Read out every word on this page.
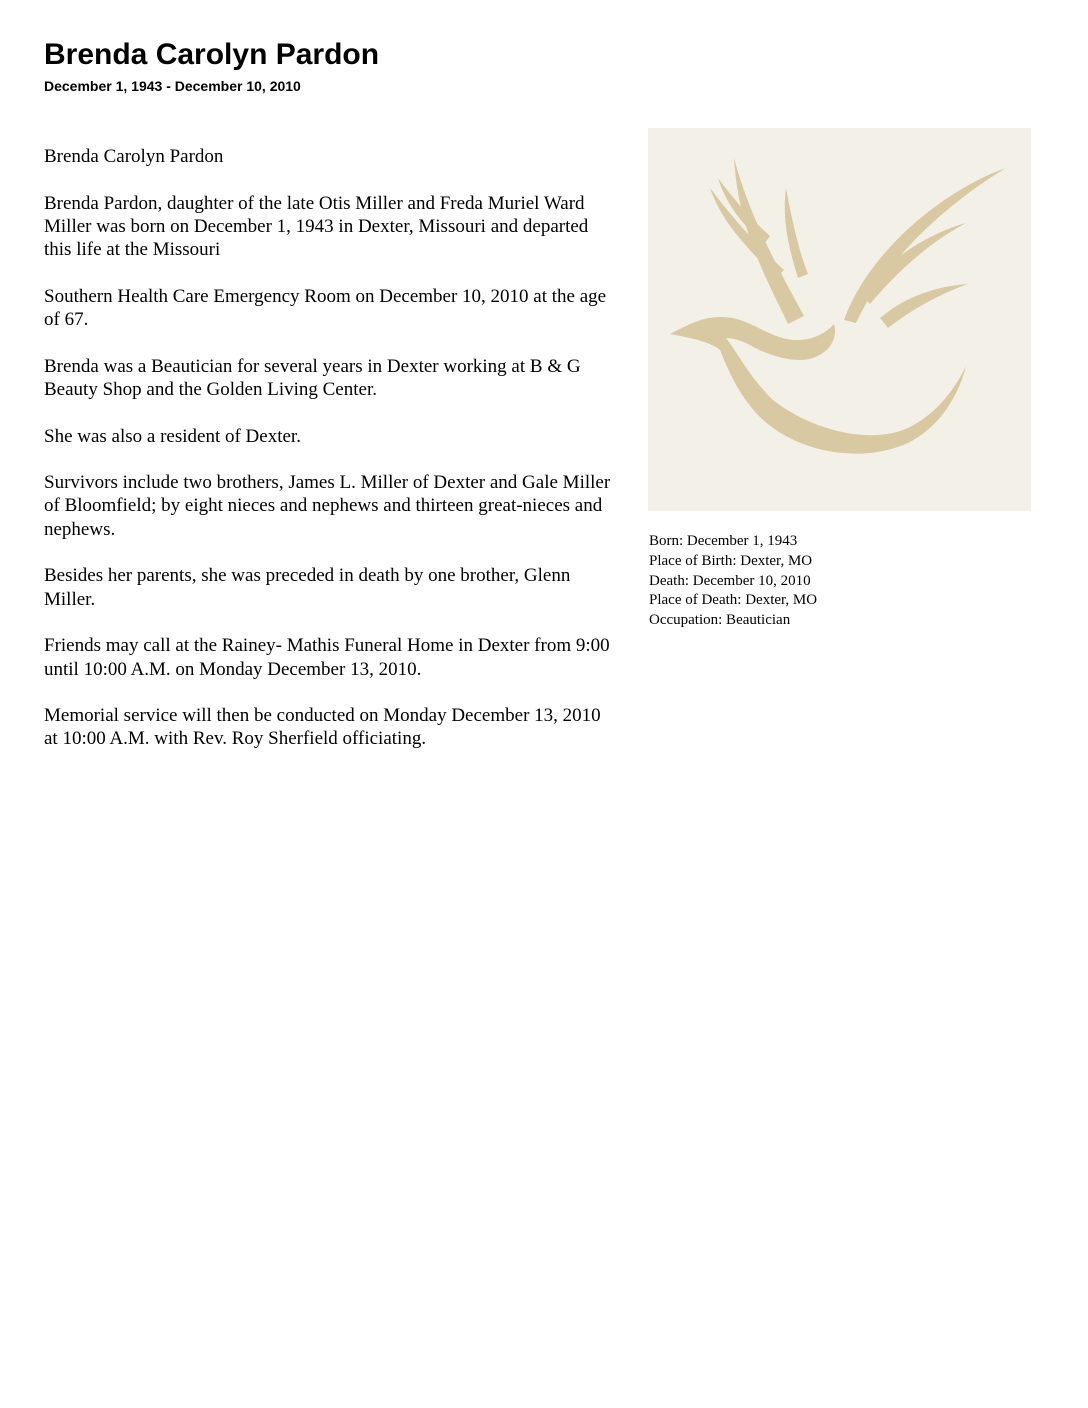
Brenda Carolyn Pardon
December 1, 1943 - December 10, 2010

Brenda Carolyn Pardon

Brenda Pardon, daughter of the late Otis Miller and Freda Muriel Ward Miller was born on December 1, 1943 in Dexter, Missouri and departed this life at the Missouri

Southern Health Care Emergency Room on December 10, 2010 at the age of 67.

Brenda was a Beautician for several years in Dexter working at B & G Beauty Shop and the Golden Living Center.

She was also a resident of Dexter.

Survivors include two brothers, James L. Miller of Dexter and Gale Miller of Bloomfield; by eight nieces and nephews and thirteen great-nieces and nephews.

Besides her parents, she was preceded in death by one brother, Glenn Miller.

Friends may call at the Rainey- Mathis Funeral Home in Dexter from 9:00 until 10:00 A.M. on Monday December 13, 2010.

Memorial service will then be conducted on Monday December 13, 2010 at 10:00 A.M. with Rev. Roy Sherfield officiating.

Born: December 1, 1943
Place of Birth: Dexter, MO
Death: December 10, 2010
Place of Death: Dexter, MO
Occupation: Beautician
